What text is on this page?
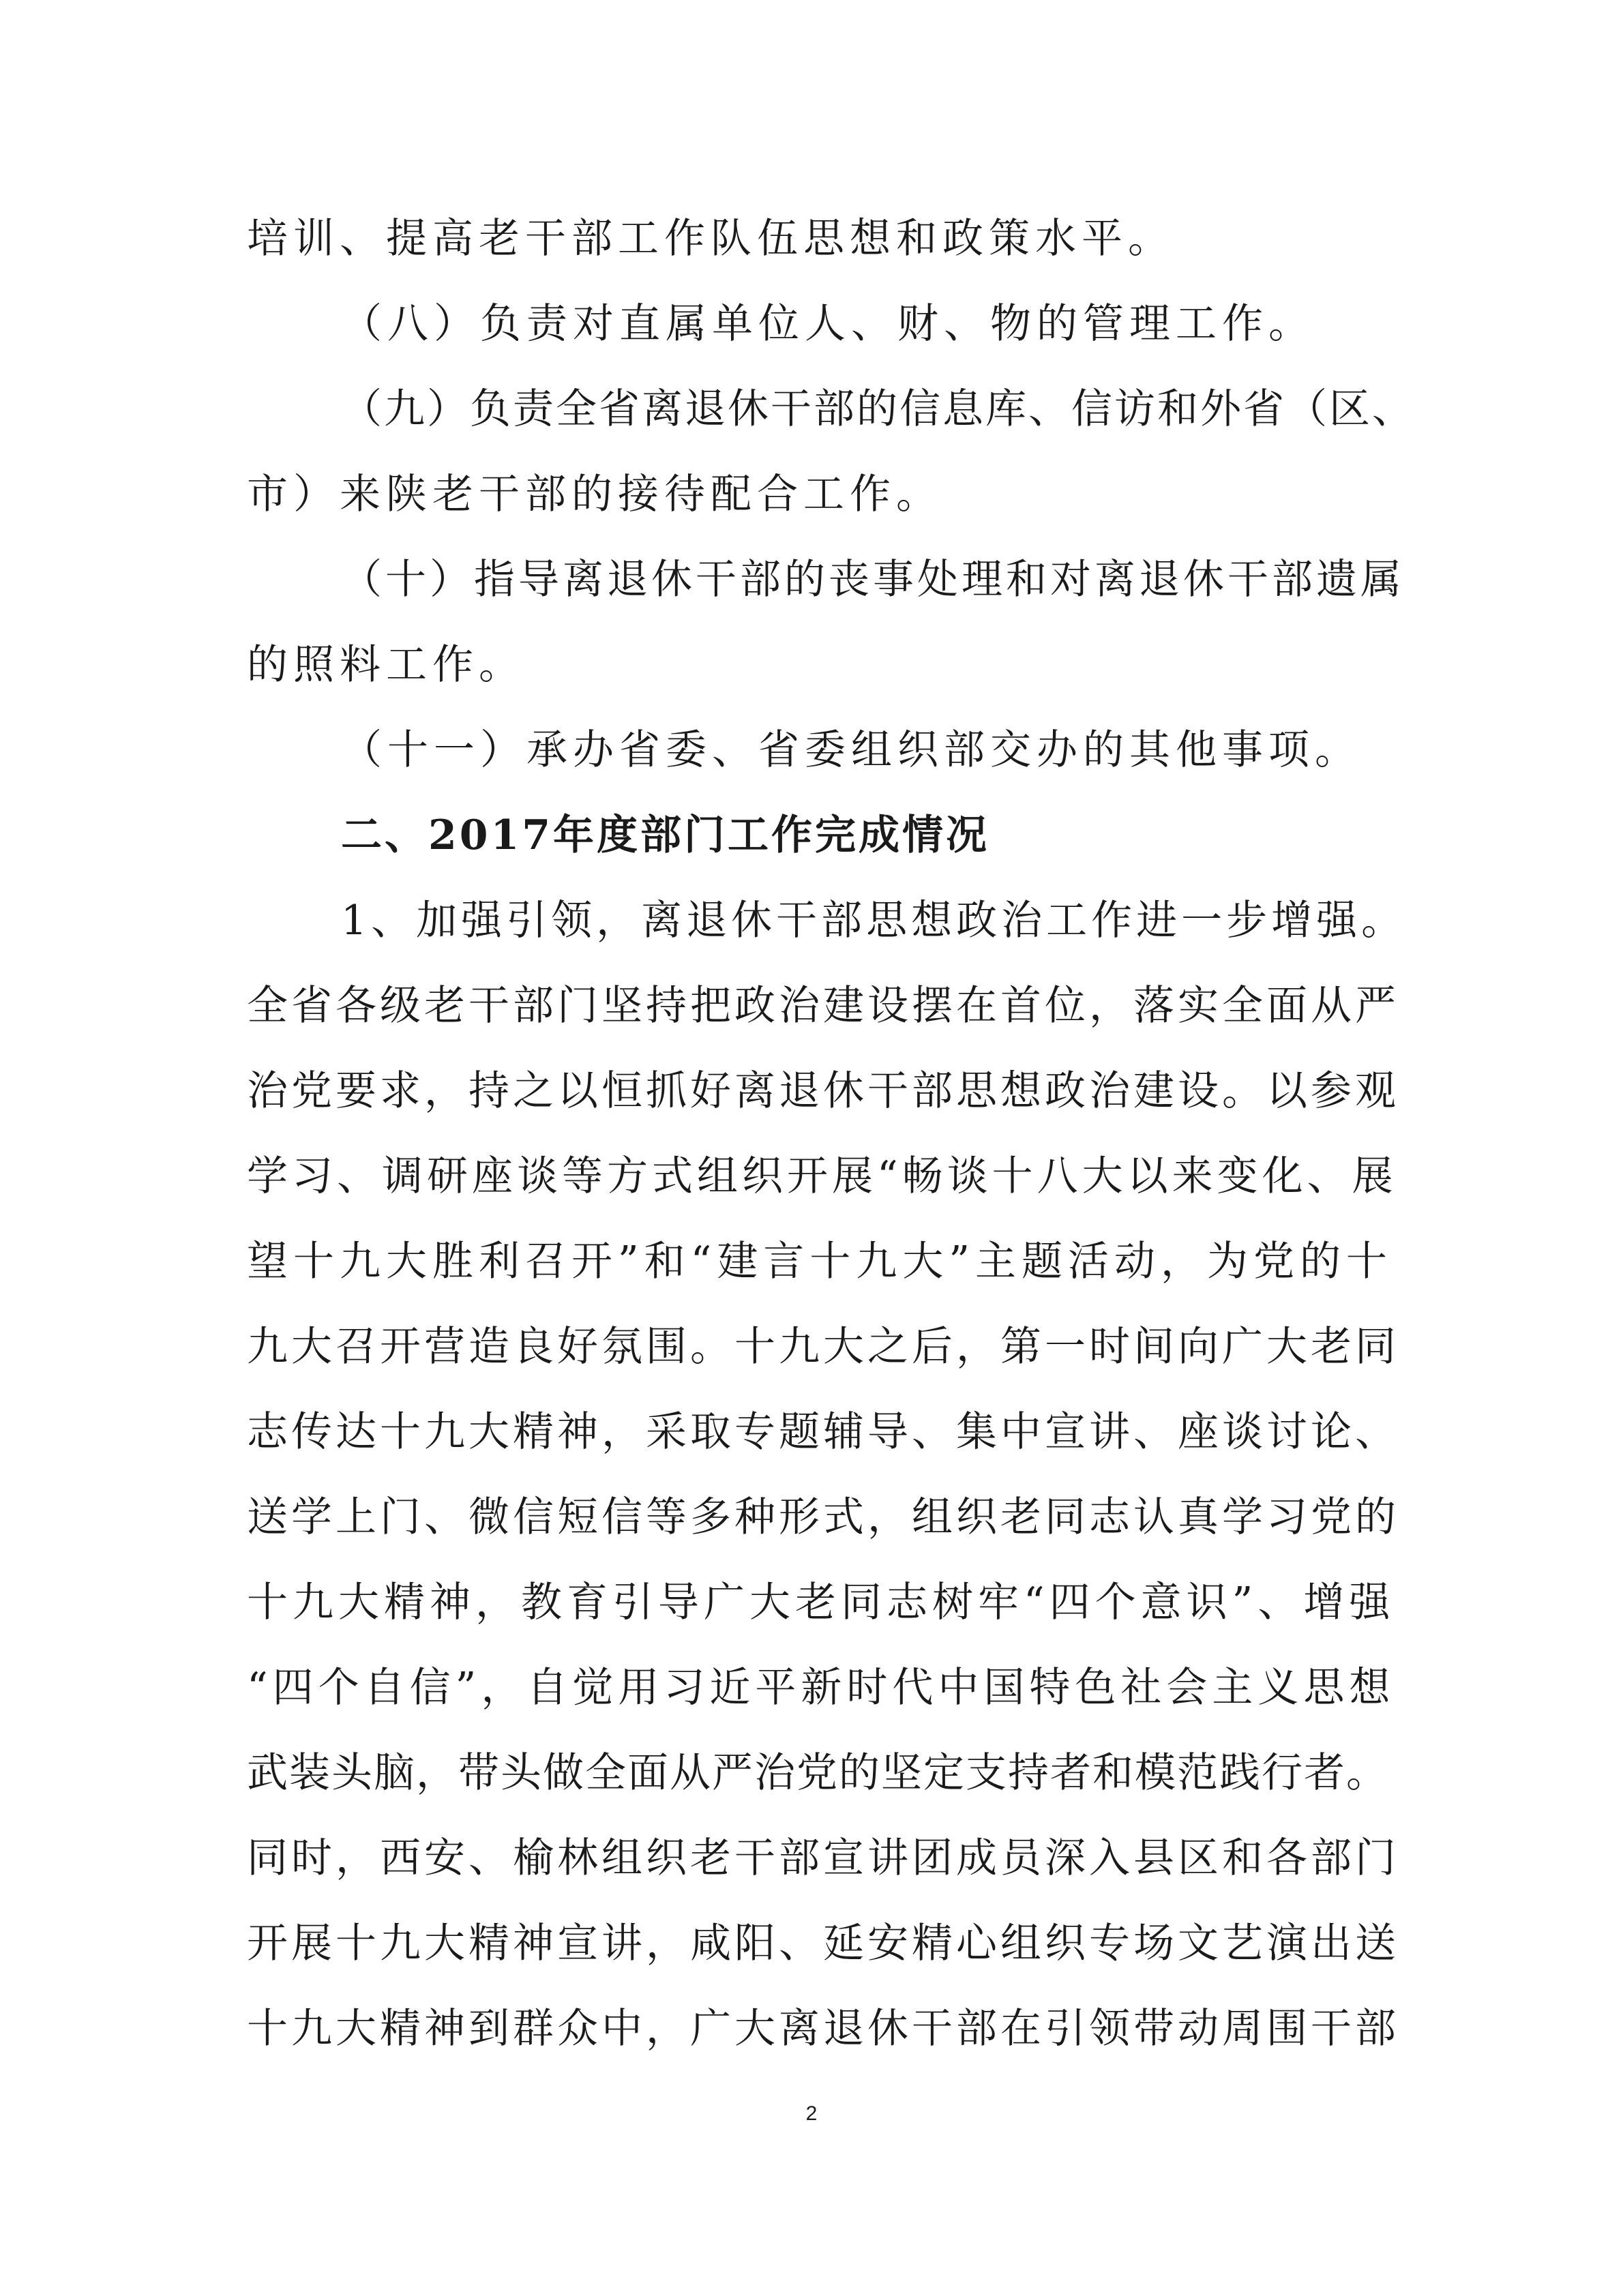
培训、提高老干部工作队伍思想和政策水平。
（八）负责对直属单位人、财、物的管理工作。
（九）负责全省离退休干部的信息库、信访和外省（区、
市）来陕老干部的接待配合工作。
（十）指导离退休干部的丧事处理和对离退休干部遗属
的照料工作。
（十一）承办省委、省委组织部交办的其他事项。
二、2017年度部门工作完成情况
1、加强引领，离退休干部思想政治工作进一步增强。
全省各级老干部门坚持把政治建设摆在首位，落实全面从严
治党要求，持之以恒抓好离退休干部思想政治建设。以参观
学习、调研座谈等方式组织开展“畅谈十八大以来变化、展
望十九大胜利召开”和“建言十九大”主题活动，为党的十
九大召开营造良好氛围。十九大之后，第一时间向广大老同
志传达十九大精神，采取专题辅导、集中宣讲、座谈讨论、
送学上门、微信短信等多种形式，组织老同志认真学习党的
十九大精神，教育引导广大老同志树牢“四个意识”、增强
“四个自信”，自觉用习近平新时代中国特色社会主义思想
武装头脑，带头做全面从严治党的坚定支持者和模范践行者。
同时，西安、榆林组织老干部宣讲团成员深入县区和各部门
开展十九大精神宣讲，咸阳、延安精心组织专场文艺演出送
十九大精神到群众中，广大离退休干部在引领带动周围干部
2
